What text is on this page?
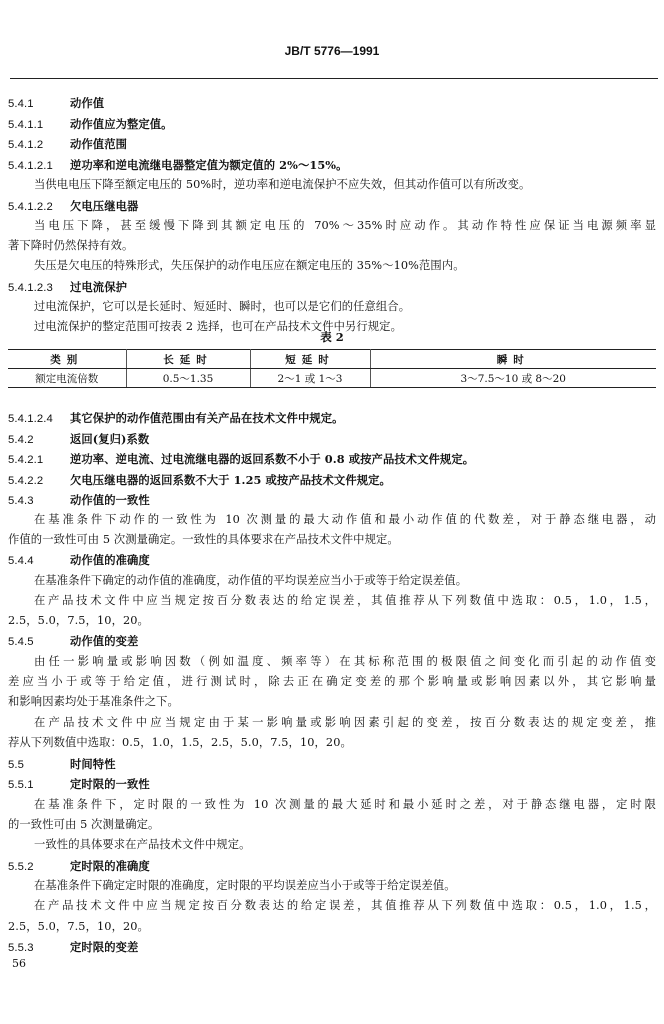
JB/T 5776—1991
5.4.1	动作值
5.4.1.1 动作值应为整定值。
5.4.1.2 动作值范围
5.4.1.2.1 逆功率和逆电流继电器整定值为额定值的 2%～15%。
当供电电压下降至额定电压的 50%时，逆功率和逆电流保护不应失效，但其动作值可以有所改变。
5.4.1.2.2 欠电压继电器
当电压下降，甚至缓慢下降到其额定电压的 70%～35%时应动作。其动作特性应保证当电源频率显
著下降时仍然保持有效。
失压是欠电压的特殊形式，失压保护的动作电压应在额定电压的 35%～10%范围内。
5.4.1.2.3 过电流保护
过电流保护，它可以是长延时、短延时、瞬时，也可以是它们的任意组合。
过电流保护的整定范围可按表 2 选择，也可在产品技术文件中另行规定。
5.4.1.2.4 其它保护的动作值范围由有关产品在技术文件中规定。
5.4.2	返回(复归)系数
5.4.2.1 逆功率、逆电流、过电流继电器的返回系数不小于 0.8 或按产品技术文件规定。
5.4.2.2 欠电压继电器的返回系数不大于 1.25 或按产品技术文件规定。
5.4.3	动作值的一致性
在基准条件下动作的一致性为 10 次测量的最大动作值和最小动作值的代数差，对于静态继电器，动
作值的一致性可由 5 次测量确定。一致性的具体要求在产品技术文件中规定。
5.4.4	动作值的准确度
在基准条件下确定的动作值的准确度，动作值的平均误差应当小于或等于给定误差值。
在产品技术文件中应当规定按百分数表达的给定误差，其值推荐从下列数值中选取：0.5，1.0，1.5，
2.5，5.0，7.5，10，20。
5.4.5	动作值的变差
由任一影响量或影响因数（例如温度、频率等）在其标称范围的极限值之间变化而引起的动作值变
差应当小于或等于给定值，进行测试时，除去正在确定变差的那个影响量或影响因素以外，其它影响量
和影响因素均处于基准条件之下。
在产品技术文件中应当规定由于某一影响量或影响因素引起的变差，按百分数表达的规定变差，推
荐从下列数值中选取：0.5，1.0，1.5，2.5，5.0，7.5，10，20。
5.5	时间特性
5.5.1	定时限的一致性
在基准条件下，定时限的一致性为 10 次测量的最大延时和最小延时之差，对于静态继电器，定时限
的一致性可由 5 次测量确定。
一致性的具体要求在产品技术文件中规定。
5.5.2	定时限的准确度
在基准条件下确定定时限的准确度，定时限的平均误差应当小于或等于给定误差值。
在产品技术文件中应当规定按百分数表达的给定误差，其值推荐从下列数值中选取：0.5，1.0，1.5，
2.5，5.0，7.5，10，20。
5.5.3	定时限的变差
表 2
类别	长延时	短延时	瞬时
额定电流倍数	0.5～1.35	2～1 或 1～3	3～7.5～10 或 8～20
56
